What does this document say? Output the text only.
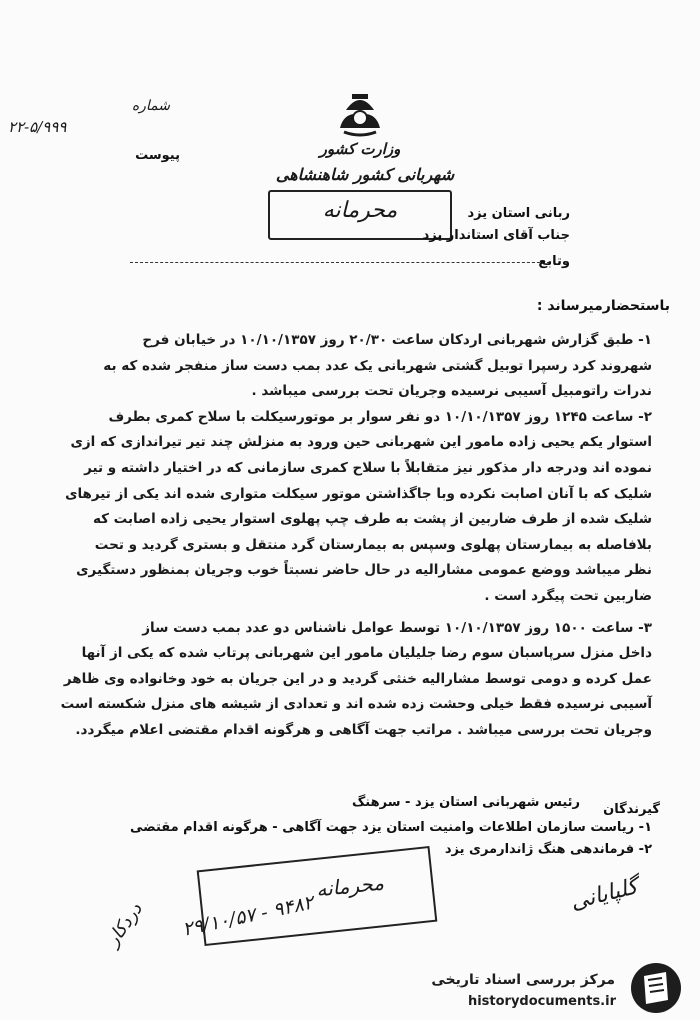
وزارت کشور
شهربانی کشور شاهنشاهی
محرمانه
شماره
۲۲-۵/۹۹۹
پیوست
ربانی استان یزد
جناب آقای استاندار یزد
وتابع
باستحضارمیرساند :

۱- طبق گزارش شهربانی اردکان ساعت ۲۰/۳۰ روز ۱۰/۱۰/۱۳۵۷ در خیابان فرح

شهروند کرد رسپرا توبیل گشتی شهربانی یک عدد بمب دست ساز منفجر شده که به

ندرات راتومبیل آسیبی نرسیده وجریان تحت بررسی میباشد .

۲- ساعت ۱۲۴۵ روز ۱۰/۱۰/۱۳۵۷ دو نفر سوار بر موتورسیکلت با سلاح کمری بطرف

استوار یکم یحیی زاده مامور این شهربانی حین ورود به منزلش چند تیر تیراندازی که ازی

نموده اند ودرجه دار مذکور نیز متقابلاً با سلاح کمری سازمانی که در اختیار داشته و تیر

شلیک که با آنان اصابت نکرده وبا جاگذاشتن موتور سیکلت متواری شده اند یکی از تیرهای

شلیک شده از طرف ضاربین از پشت به طرف چپ پهلوی استوار یحیی زاده اصابت که

بلافاصله به بیمارستان پهلوی وسپس به بیمارستان گرد منتقل و بستری گردید و تحت

نظر میباشد ووضع عمومی مشارالیه در حال حاضر نسبتاً خوب وجریان بمنظور دستگیری

ضاربین تحت پیگرد است .

۳- ساعت ۱۵۰۰ روز ۱۰/۱۰/۱۳۵۷ توسط عوامل ناشناس دو عدد بمب دست ساز

داخل منزل سرپاسبان سوم رضا جلیلیان مامور این شهربانی پرتاب شده که یکی از آنها

عمل کرده و دومی توسط مشارالیه خنثی گردید و در این جریان به خود وخانواده وی ظاهر

آسیبی نرسیده فقط خیلی وحشت زده شده اند و تعدادی از شیشه های منزل شکسته است

وجریان تحت بررسی میباشد . مراتب جهت آگاهی و هرگونه اقدام مقتضی اعلام میگردد.

گیرندگان
رئیس شهربانی استان یزد - سرهنگ
۱- ریاست سازمان اطلاعات وامنیت استان یزد جهت آگاهی - هرگونه اقدام مقتضی
۲- فرماندهی هنگ ژاندارمری یزد
محرمانه
۲۹/۱۰/۵۷ - ۹۴۸۲	گلپایانی
دردکار
مرکز بررسی اسناد تاریخی
historydocuments.ir
